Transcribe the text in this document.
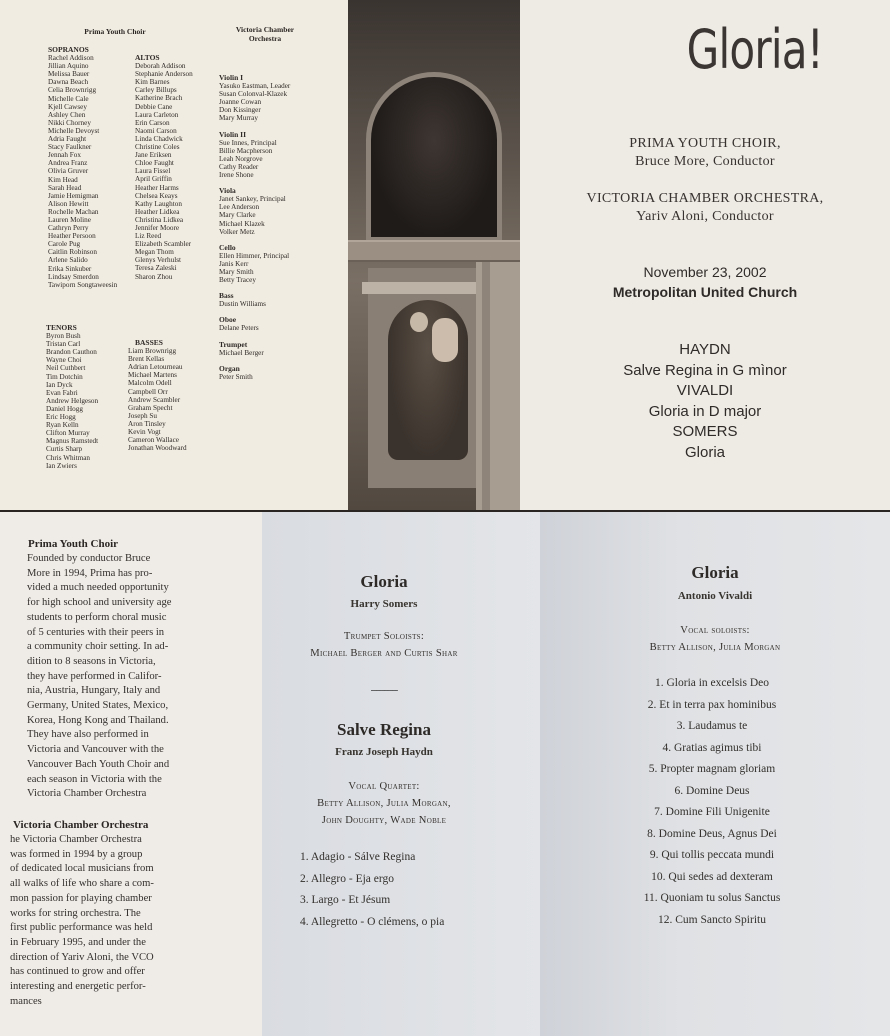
Prima Youth Choir	Victoria Chamber
Orchestra
SOPRANOS
Rachel Addison
Jillian Aquino
Melissa Bauer
Dawna Beach
Celia Brownrigg
Michelle Cale
Kjell Cawsey
Ashley Chen
Nikki Chorney
Michelle Devoyst
Adria Faught
Stacy Faulkner
Jennah Fox
Andrea Franz
Olivia Gruver
Kim Head
Sarah Head
Jamie Hemigman
Alison Hewitt
Rochelle Machan
Lauren Moline
Cathryn Perry
Heather Persoon
Carole Pug
Caitlin Robinson
Arlene Salido
Erika Sinkuber
Lindsay Smerdon
Tawiporn Songtaweesin
TENORS
Byron Bush
Tristan Carl
Brandon Cauthon
Wayne Choi
Neil Cuthbert
Tim Dotchin
Ian Dyck
Evan Fabri
Andrew Helgeson
Daniel Hogg
Eric Hogg
Ryan Kelln
Clifton Murray
Magnus Ramstedt
Curtis Sharp
Chris Whitman
Ian Zwiers
ALTOS
Deborah Addison
Stephanie Anderson
Kim Barnes
Carley Billups
Katherine Brach
Debbie Cane
Laura Carleton
Erin Carson
Naomi Carson
Linda Chadwick
Christine Coles
Jane Eriksen
Chloe Faught
Laura Fissel
April Griffin
Heather Harms
Chelsea Keays
Kathy Laughton
Heather Lidkea
Christina Lidkea
Jennifer Moore
Liz Reed
Elizabeth Scambler
Megan Thom
Glenys Verhulst
Teresa Zaleski
Sharon Zhou
BASSES
Liam Brownrigg
Brent Kellas
Adrian Letourneau
Michael Martens
Malcolm Odell
Campbell Orr
Andrew Scambler
Graham Specht
Joseph Su
Aron Tinsley
Kevin Vogt
Cameron Wallace
Jonathan Woodward
Violin I
Yasuko Eastman, Leader
Susan Colonval-Klazek
Joanne Cowan
Don Kissinger
Mary Murray
Violin II
Sue Innes, Principal
Billie Macpherson
Leah Norgrove
Cathy Reader
Irene Shone
Viola
Janet Sankey, Principal
Lee Anderson
Mary Clarke
Michael Klazek
Volker Metz
Cello
Ellen Himmer, Principal
Janis Kerr
Mary Smith
Betty Tracey
Bass
Dustin Williams
Oboe
Delane Peters
Trumpet
Michael Berger
Organ
Peter Smith
Gloria!
PRIMA YOUTH CHOIR,
Bruce More, Conductor
VICTORIA CHAMBER ORCHESTRA,
Yariv Aloni, Conductor
November 23, 2002
Metropolitan United Church
HAYDN
Salve Regina in G mìnor
VIVALDI
Gloria in D major
SOMERS
Gloria
Prima Youth Choir
Founded by conductor Bruce
More in 1994, Prima has pro-
vided a much needed opportunity
for high school and university age
students to perform choral music
of 5 centuries with their peers in
a community choir setting. In ad-
dition to 8 seasons in Victoria,
they have performed in Califor-
nia, Austria, Hungary, Italy and
Germany, United States, Mexico,
Korea, Hong Kong and Thailand.
They have also performed in
Victoria and Vancouver with the
Vancouver Bach Youth Choir and
each season in Victoria with the
Victoria Chamber Orchestra
Victoria Chamber Orchestra
he Victoria Chamber Orchestra
was formed in 1994 by a group
of dedicated local musicians from
all walks of life who share a com-
mon passion for playing chamber
works for string orchestra. The
first public performance was held
in February 1995, and under the
direction of Yariv Aloni, the VCO
has continued to grow and offer
interesting and energetic perfor-
mances
Gloria
Harry Somers
Trumpet Soloists:
Michael Berger and Curtis Shar
----------
Salve Regina
Franz Joseph Haydn
Vocal Quartet:
Betty Allison, Julia Morgan,
John Doughty, Wade Noble
1. Adagio - Sálve Regina
2. Allegro - Eja ergo
3. Largo - Et Jésum
4. Allegretto - O clémens, o pia
Gloria
Antonio Vivaldi
Vocal soloists:
Betty Allison, Julia Morgan
1. Gloria in excelsis Deo
2. Et in terra pax hominibus
3. Laudamus te
4. Gratias agimus tibi
5. Propter magnam gloriam
6. Domine Deus
7. Domine Fili Unigenite
8. Domine Deus, Agnus Dei
9. Qui tollis peccata mundi
10. Qui sedes ad dexteram
11. Quoniam tu solus Sanctus
12. Cum Sancto Spiritu
